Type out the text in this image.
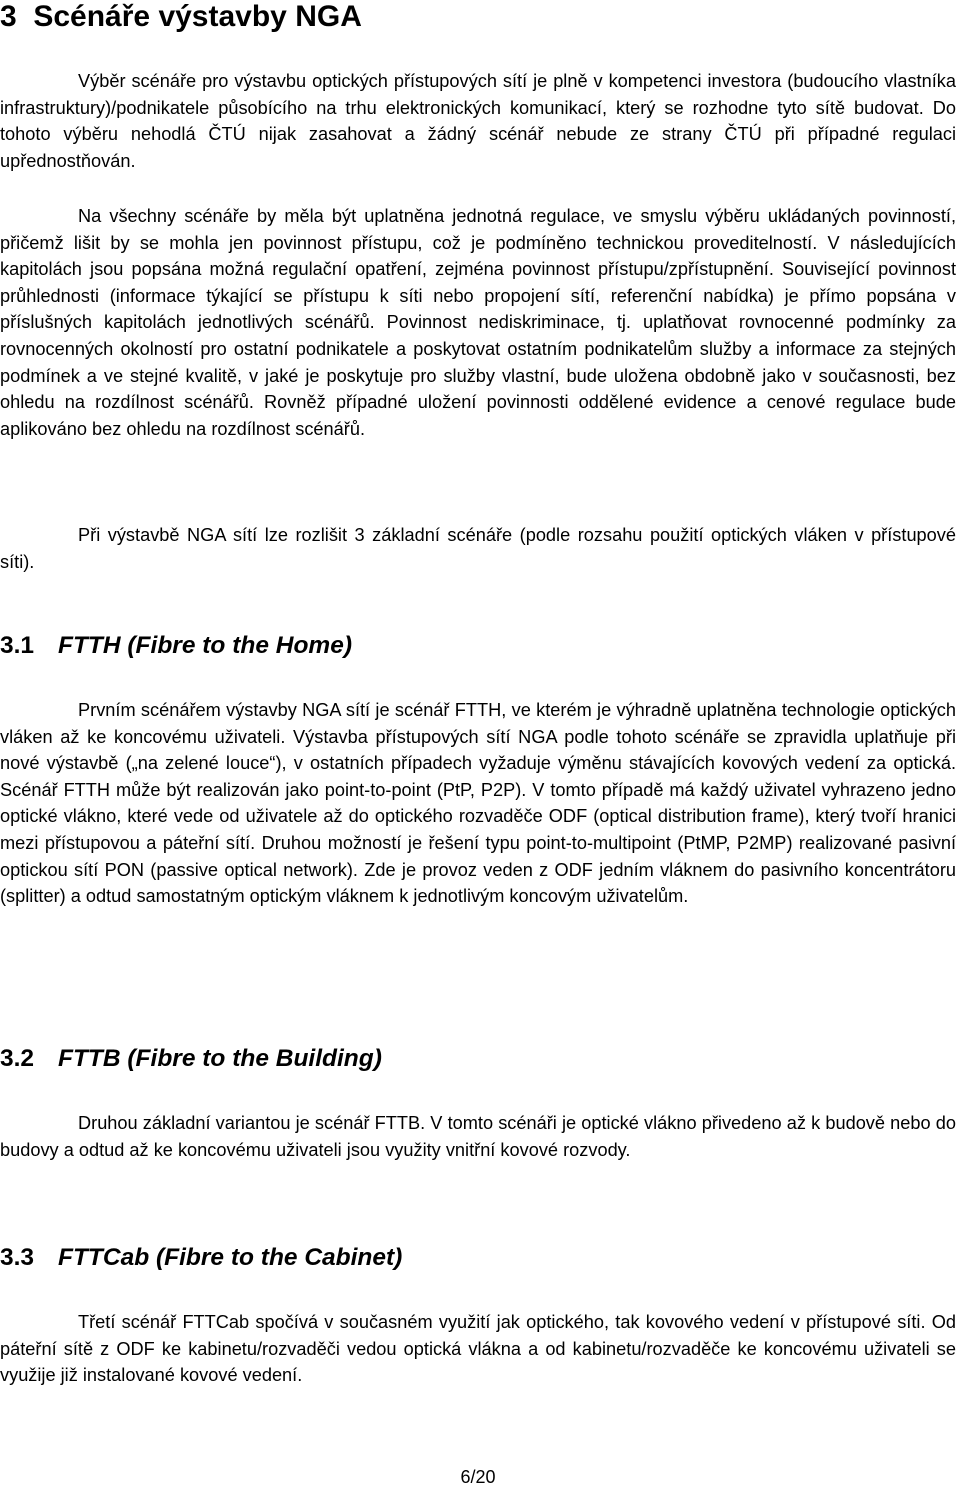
3  Scénáře výstavby NGA

Výběr scénáře pro výstavbu optických přístupových sítí je plně v kompetenci investora (budoucího vlastníka infrastruktury)/podnikatele působícího na trhu elektronických komunikací, který se rozhodne tyto sítě budovat. Do tohoto výběru nehodlá ČTÚ nijak zasahovat a žádný scénář nebude ze strany ČTÚ při případné regulaci upřednostňován.

Na všechny scénáře by měla být uplatněna jednotná regulace, ve smyslu výběru ukládaných povinností, přičemž lišit by se mohla jen povinnost přístupu, což je podmíněno technickou proveditelností. V následujících kapitolách jsou popsána možná regulační opatření, zejména povinnost přístupu/zpřístupnění. Související povinnost průhlednosti (informace týkající se přístupu k síti nebo propojení sítí, referenční nabídka) je přímo popsána v příslušných kapitolách jednotlivých scénářů. Povinnost nediskriminace, tj. uplatňovat rovnocenné podmínky za rovnocenných okolností pro ostatní podnikatele a poskytovat ostatním podnikatelům služby a informace za stejných podmínek a ve stejné kvalitě, v jaké je poskytuje pro služby vlastní, bude uložena obdobně jako v současnosti, bez ohledu na rozdílnost scénářů. Rovněž případné uložení povinnosti oddělené evidence a cenové regulace bude aplikováno bez ohledu na rozdílnost scénářů.

Při výstavbě NGA sítí lze rozlišit 3 základní scénáře (podle rozsahu použití optických vláken v přístupové síti).

3.1 FTTH (Fibre to the Home)

Prvním scénářem výstavby NGA sítí je scénář FTTH, ve kterém je výhradně uplatněna technologie optických vláken až ke koncovému uživateli. Výstavba přístupových sítí NGA podle tohoto scénáře se zpravidla uplatňuje při nové výstavbě („na zelené louce“), v ostatních případech vyžaduje výměnu stávajících kovových vedení za optická. Scénář FTTH může být realizován jako point-to-point (PtP, P2P). V tomto případě má každý uživatel vyhrazeno jedno optické vlákno, které vede od uživatele až do optického rozvaděče ODF (optical distribution frame), který tvoří hranici mezi přístupovou a páteřní sítí. Druhou možností je řešení typu point-to-multipoint (PtMP, P2MP) realizované pasivní optickou sítí PON (passive optical network). Zde je provoz veden z ODF jedním vláknem do pasivního koncentrátoru (splitter) a odtud samostatným optickým vláknem k jednotlivým koncovým uživatelům.

3.2 FTTB (Fibre to the Building)

Druhou základní variantou je scénář FTTB. V tomto scénáři je optické vlákno přivedeno až k budově nebo do budovy a odtud až ke koncovému uživateli jsou využity vnitřní kovové rozvody.

3.3 FTTCab (Fibre to the Cabinet)

Třetí scénář FTTCab spočívá v současném využití jak optického, tak kovového vedení v přístupové síti. Od páteřní sítě z ODF ke kabinetu/rozvaděči vedou optická vlákna a od kabinetu/rozvaděče ke koncovému uživateli se využije již instalované kovové vedení.

6/20
